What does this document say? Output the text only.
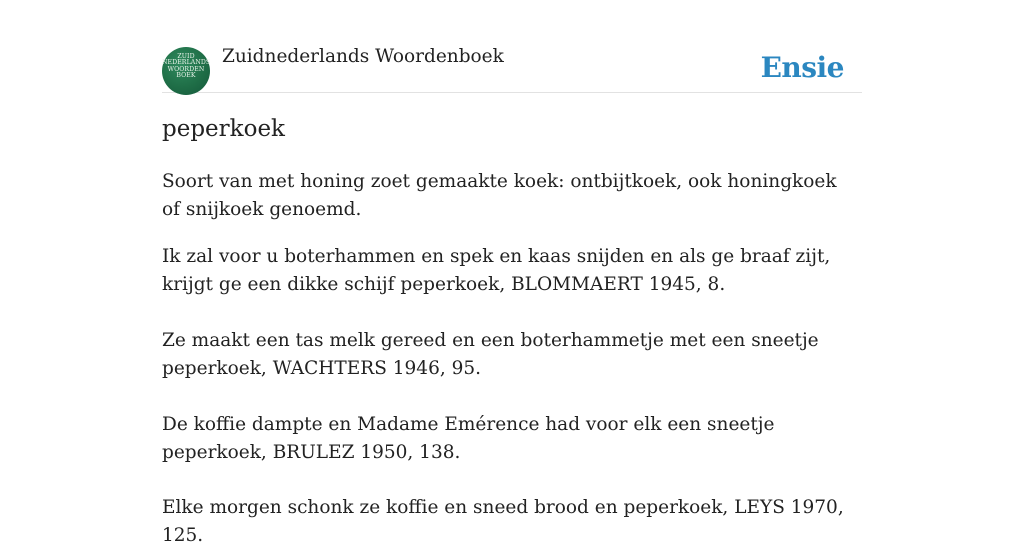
ZUID
NEDERLANDS
WOORDEN
BOEK
Zuidnederlands Woordenboek	Ensie
peperkoek
Soort van met honing zoet gemaakte koek: ontbijtkoek, ook honingkoek of snijkoek genoemd.
Ik zal voor u boterhammen en spek en kaas snijden en als ge braaf zijt, krijgt ge een dikke schijf peperkoek, BLOMMAERT 1945, 8.
Ze maakt een tas melk gereed en een boterhammetje met een sneetje peperkoek, WACHTERS 1946, 95.
De koffie dampte en Madame Emérence had voor elk een sneetje peperkoek, BRULEZ 1950, 138.
Elke morgen schonk ze koffie en sneed brood en peperkoek, LEYS 1970, 125.
